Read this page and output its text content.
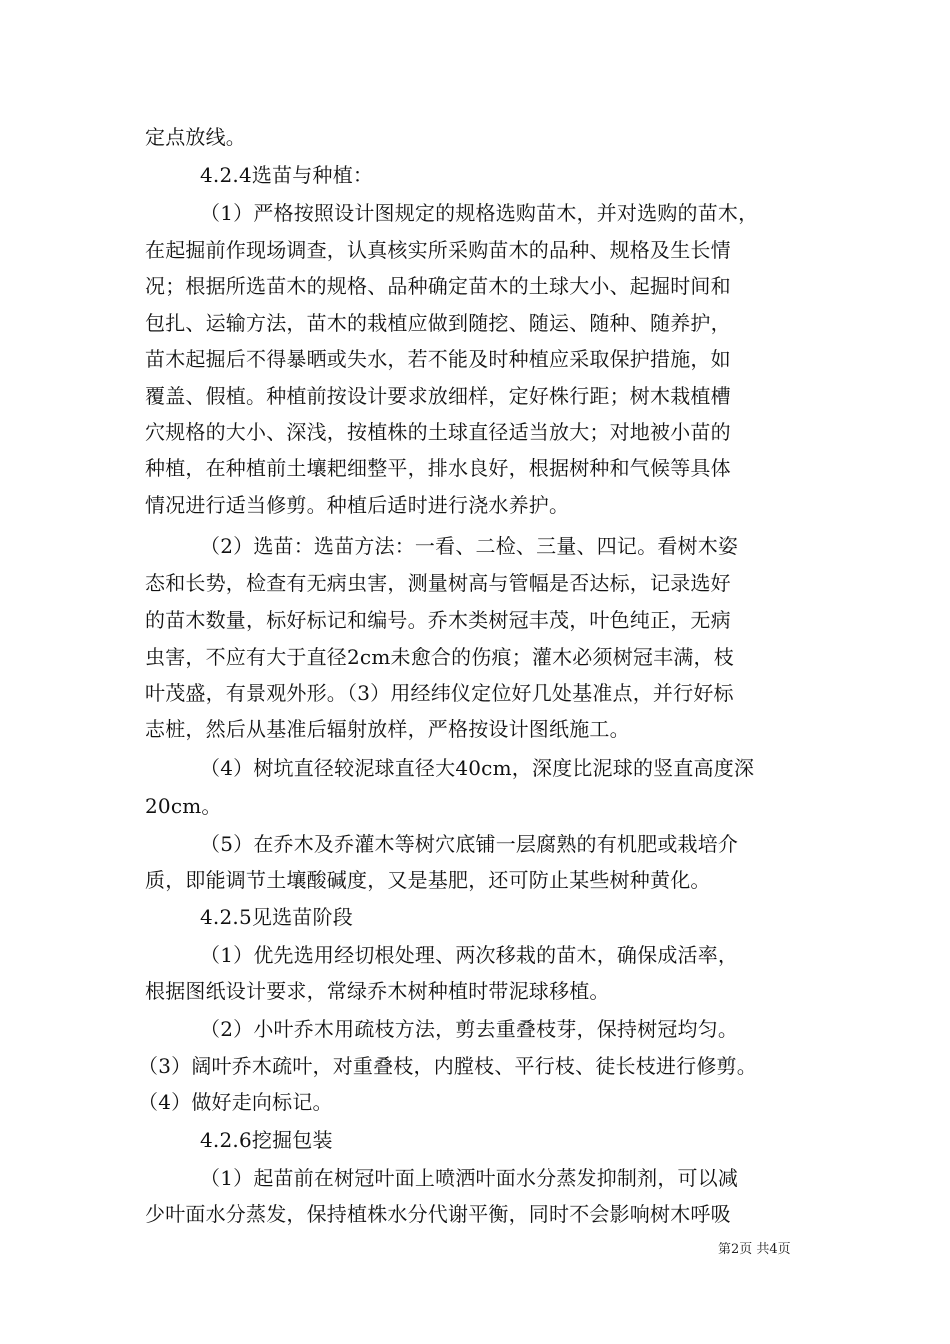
定点放线。
4.2.4选苗与种植：
（1）严格按照设计图规定的规格选购苗木，并对选购的苗木，
在起掘前作现场调查，认真核实所采购苗木的品种、规格及生长情
况；根据所选苗木的规格、品种确定苗木的土球大小、起掘时间和
包扎、运输方法，苗木的栽植应做到随挖、随运、随种、随养护，
苗木起掘后不得暴晒或失水，若不能及时种植应采取保护措施，如
覆盖、假植。种植前按设计要求放细样，定好株行距；树木栽植槽
穴规格的大小、深浅，按植株的土球直径适当放大；对地被小苗的
种植，在种植前土壤耙细整平，排水良好，根据树种和气候等具体
情况进行适当修剪。种植后适时进行浇水养护。
（2）选苗：选苗方法：一看、二检、三量、四记。看树木姿
态和长势，检查有无病虫害，测量树高与管幅是否达标，记录选好
的苗木数量，标好标记和编号。乔木类树冠丰茂，叶色纯正，无病
虫害，不应有大于直径2cm未愈合的伤痕；灌木必须树冠丰满，枝
叶茂盛，有景观外形。（3）用经纬仪定位好几处基准点，并行好标
志桩，然后从基准后辐射放样，严格按设计图纸施工。
（4）树坑直径较泥球直径大40cm，深度比泥球的竖直高度深
20cm。
（5）在乔木及乔灌木等树穴底铺一层腐熟的有机肥或栽培介
质，即能调节土壤酸碱度，又是基肥，还可防止某些树种黄化。
4.2.5见选苗阶段
（1）优先选用经切根处理、两次移栽的苗木，确保成活率，
根据图纸设计要求，常绿乔木树种植时带泥球移植。
（2）小叶乔木用疏枝方法，剪去重叠枝芽，保持树冠均匀。
（3）阔叶乔木疏叶，对重叠枝，内膛枝、平行枝、徒长枝进行修剪。
（4）做好走向标记。
4.2.6挖掘包装
（1）起苗前在树冠叶面上喷洒叶面水分蒸发抑制剂，可以减
少叶面水分蒸发，保持植株水分代谢平衡，同时不会影响树木呼吸
第2页 共4页
